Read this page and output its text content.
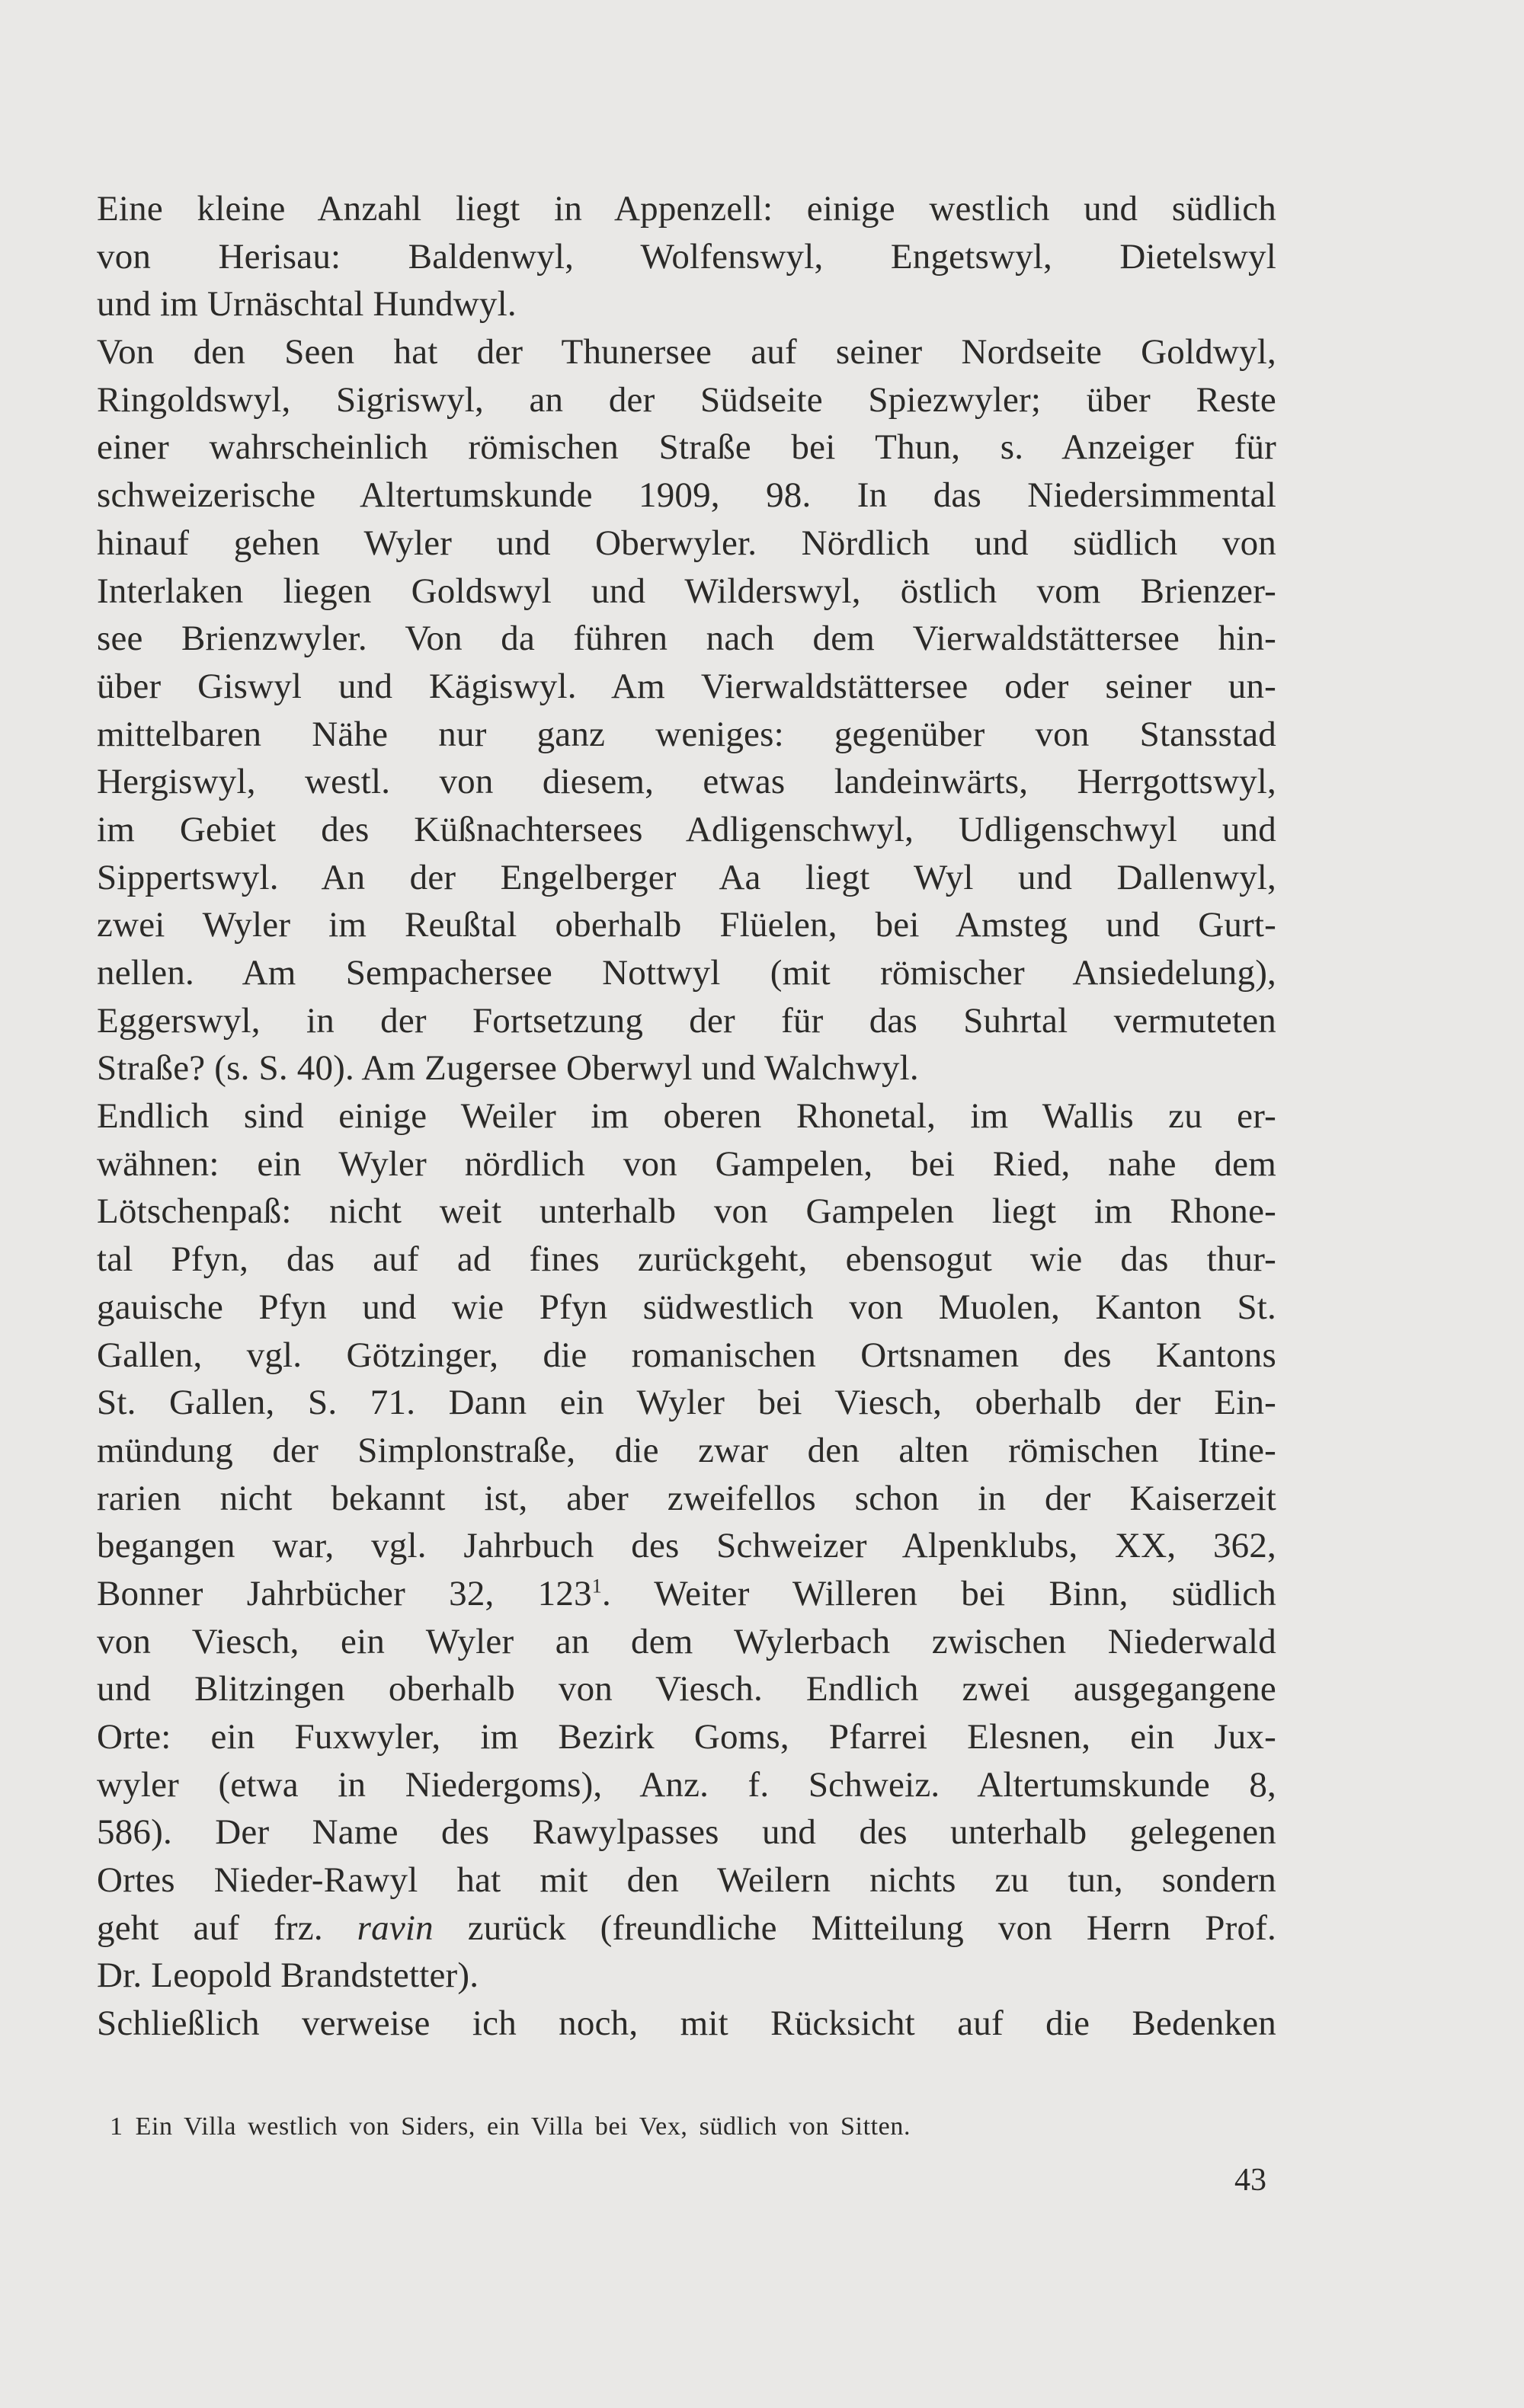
Eine kleine Anzahl liegt in Appenzell: einige westlich und südlich
von Herisau: Baldenwyl, Wolfenswyl, Engetswyl, Dietelswyl
und im Urnäschtal Hundwyl.
Von den Seen hat der Thunersee auf seiner Nordseite Goldwyl,
Ringoldswyl, Sigriswyl, an der Südseite Spiezwyler; über Reste
einer wahrscheinlich römischen Straße bei Thun, s. Anzeiger für
schweizerische Altertumskunde 1909, 98. In das Niedersimmental
hinauf gehen Wyler und Oberwyler. Nördlich und südlich von
Interlaken liegen Goldswyl und Wilderswyl, östlich vom Brienzer-
see Brienzwyler. Von da führen nach dem Vierwaldstättersee hin-
über Giswyl und Kägiswyl. Am Vierwaldstättersee oder seiner un-
mittelbaren Nähe nur ganz weniges: gegenüber von Stansstad
Hergiswyl, westl. von diesem, etwas landeinwärts, Herrgottswyl,
im Gebiet des Küßnachtersees Adligenschwyl, Udligenschwyl und
Sippertswyl. An der Engelberger Aa liegt Wyl und Dallenwyl,
zwei Wyler im Reußtal oberhalb Flüelen, bei Amsteg und Gurt-
nellen. Am Sempachersee Nottwyl (mit römischer Ansiedelung),
Eggerswyl, in der Fortsetzung der für das Suhrtal vermuteten
Straße? (s. S. 40). Am Zugersee Oberwyl und Walchwyl.
Endlich sind einige Weiler im oberen Rhonetal, im Wallis zu er-
wähnen: ein Wyler nördlich von Gampelen, bei Ried, nahe dem
Lötschenpaß: nicht weit unterhalb von Gampelen liegt im Rhone-
tal Pfyn, das auf ad fines zurückgeht, ebensogut wie das thur-
gauische Pfyn und wie Pfyn südwestlich von Muolen, Kanton St.
Gallen, vgl. Götzinger, die romanischen Ortsnamen des Kantons
St. Gallen, S. 71. Dann ein Wyler bei Viesch, oberhalb der Ein-
mündung der Simplonstraße, die zwar den alten römischen Itine-
rarien nicht bekannt ist, aber zweifellos schon in der Kaiserzeit
begangen war, vgl. Jahrbuch des Schweizer Alpenklubs, XX, 362,
Bonner Jahrbücher 32, $123^1$. Weiter Willeren bei Binn, südlich
von Viesch, ein Wyler an dem Wylerbach zwischen Niederwald
und Blitzingen oberhalb von Viesch. Endlich zwei ausgegangene
Orte: ein Fuxwyler, im Bezirk Goms, Pfarrei Elesnen, ein Jux-
wyler (etwa in Niedergoms), Anz. f. Schweiz. Altertumskunde 8,
586). Der Name des Rawylpasses und des unterhalb gelegenen
Ortes Nieder-Rawyl hat mit den Weilern nichts zu tun, sondern
geht auf frz. ravin zurück (freundliche Mitteilung von Herrn Prof.
Dr. Leopold Brandstetter).
Schließlich verweise ich noch, mit Rücksicht auf die Bedenken
1 Ein Villa westlich von Siders, ein Villa bei Vex, südlich von Sitten.
43
